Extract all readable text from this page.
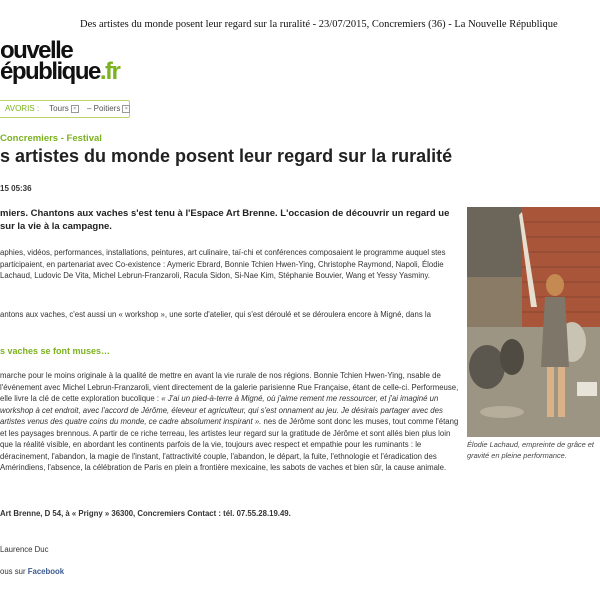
Des artistes du monde posent leur regard sur la ruralité - 23/07/2015, Concremiers (36) - La Nouvelle République
ouvelle
épublique.fr
AVORIS : Tours × – Poitiers ×
Concremiers - Festival
s artistes du monde posent leur regard sur la ruralité
15 05:36
miers. Chantons aux vaches s'est tenu à l'Espace Art Brenne. L'occasion de découvrir un regard ue sur la vie à la campagne.
aphies, vidéos, performances, installations, peintures, art culinaire, taï-chi et conférences composaient le programme auquel stes participaient, en partenariat avec Co-existence : Aymeric Ebrard, Bonnie Tchien Hwen-Ying, Christophe Raymond, Napoli, Élodie Lachaud, Ludovic De Vita, Michel Lebrun-Franzaroli, Racula Sidon, Si-Nae Kim, Stéphanie Bouvier, Wang et Yessy Yasminy.
antons aux vaches, c'est aussi un « workshop », une sorte d'atelier, qui s'est déroulé et se déroulera encore à Migné, dans la
s vaches se font muses…
marche pour le moins originale à la qualité de mettre en avant la vie rurale de nos régions. Bonnie Tchien Hwen-Ying, nsable de l'événement avec Michel Lebrun-Franzaroli, vient directement de la galerie parisienne Rue Française, étant de celle-ci. Performeuse, elle livre la clé de cette exploration bucolique : « J'ai un pied-à-terre à Migné, où j'aime rement me ressourcer, et j'ai imaginé un workshop à cet endroit, avec l'accord de Jérôme, éleveur et agriculteur, qui s'est onnament au jeu. Je désirais partager avec des artistes venus des quatre coins du monde, ce cadre absolument inspirant ». nes de Jérôme sont donc les muses, tout comme l'étang et les paysages brennous. A partir de ce riche terreau, les artistes leur regard sur la gratitude de Jérôme et sont allés bien plus loin que la réalité visible, en abordant les continents parfois de la vie, toujours avec respect et empathie pour les ruminants : le déracinement, l'abandon, la magie de l'instant, l'attractivité couple, l'abandon, le départ, la fuite, l'ethnologie et l'éradication des Amérindiens, l'absence, la célébration de Paris en plein a frontière mexicaine, les sabots de vaches et bien sûr, la cause animale.
Art Brenne, D 54, à « Prigny » 36300, Concremiers Contact : tél. 07.55.28.19.49.
Laurence Duc
ous sur Facebook
Élodie Lachaud, empreinte de grâce et gravité en pleine performance.
